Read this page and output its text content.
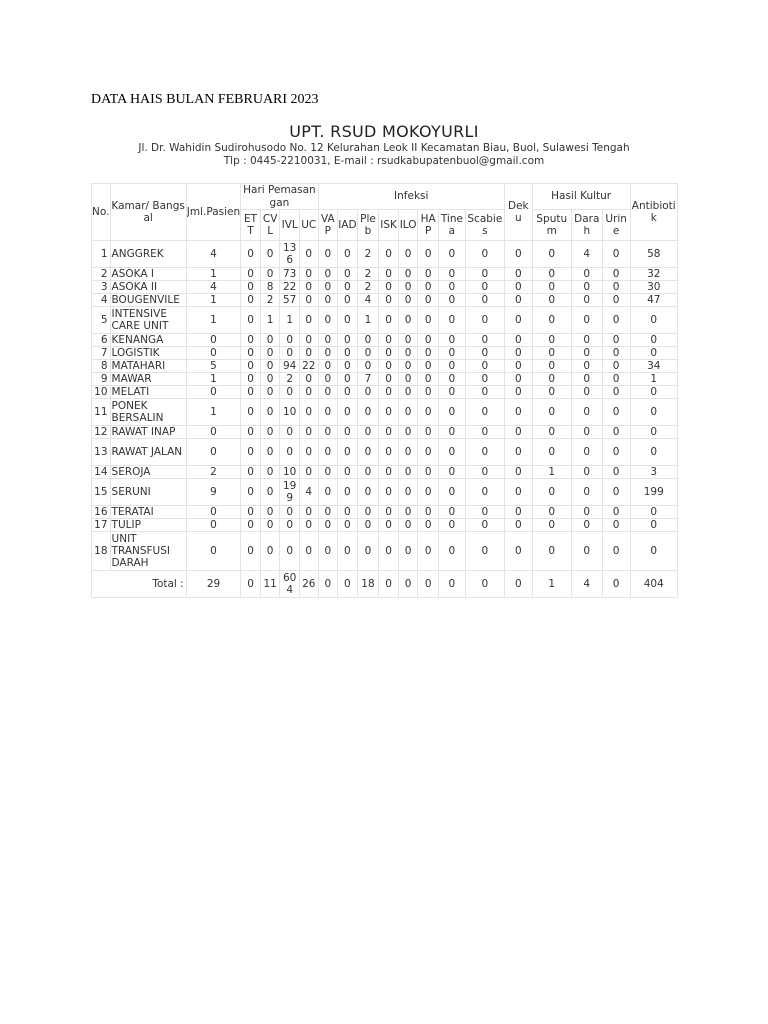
DATA HAIS BULAN FEBRUARI 2023
UPT. RSUD MOKOYURLI
Jl. Dr. Wahidin Sudirohusodo No. 12 Kelurahan Leok II Kecamatan Biau, Buol, Sulawesi Tengah
Tlp : 0445-2210031, E-mail : rsudkabupatenbuol@gmail.com
No.	Kamar/ Bangsal	Jml.Pasien	Hari Pemasangan				Infeksi								Deku	Hasil Kultur			Antibiotik
			ETT	CVL	IVL	UC	VAP	IAD	Pleb	ISK	ILO	HAP	Tinea	Scabies		Sputum	Darah	Urine	
1	ANGGREK	4	0	0	136	0	0	0	2	0	0	0	0	0	0	0	4	0	58
2	ASOKA I	1	0	0	73	0	0	0	2	0	0	0	0	0	0	0	0	0	32
3	ASOKA II	4	0	8	22	0	0	0	2	0	0	0	0	0	0	0	0	0	30
4	BOUGENVILE	1	0	2	57	0	0	0	4	0	0	0	0	0	0	0	0	0	47
5	INTENSIVE CARE UNIT	1	0	1	1	0	0	0	1	0	0	0	0	0	0	0	0	0	0
6	KENANGA	0	0	0	0	0	0	0	0	0	0	0	0	0	0	0	0	0	0
7	LOGISTIK	0	0	0	0	0	0	0	0	0	0	0	0	0	0	0	0	0	0
8	MATAHARI	5	0	0	94	22	0	0	0	0	0	0	0	0	0	0	0	0	34
9	MAWAR	1	0	0	2	0	0	0	7	0	0	0	0	0	0	0	0	0	1
10	MELATI	0	0	0	0	0	0	0	0	0	0	0	0	0	0	0	0	0	0
11	PONEK BERSALIN	1	0	0	10	0	0	0	0	0	0	0	0	0	0	0	0	0	0
12	RAWAT INAP	0	0	0	0	0	0	0	0	0	0	0	0	0	0	0	0	0	0
13	RAWAT JALAN	0	0	0	0	0	0	0	0	0	0	0	0	0	0	0	0	0	0
14	SEROJA	2	0	0	10	0	0	0	0	0	0	0	0	0	0	1	0	0	3
15	SERUNI	9	0	0	199	4	0	0	0	0	0	0	0	0	0	0	0	0	199
16	TERATAI	0	0	0	0	0	0	0	0	0	0	0	0	0	0	0	0	0	0
17	TULIP	0	0	0	0	0	0	0	0	0	0	0	0	0	0	0	0	0	0
18	UNIT TRANSFUSI DARAH	0	0	0	0	0	0	0	0	0	0	0	0	0	0	0	0	0	0
Total :		29	0	11	604	26	0	0	18	0	0	0	0	0	0	1	4	0	404
